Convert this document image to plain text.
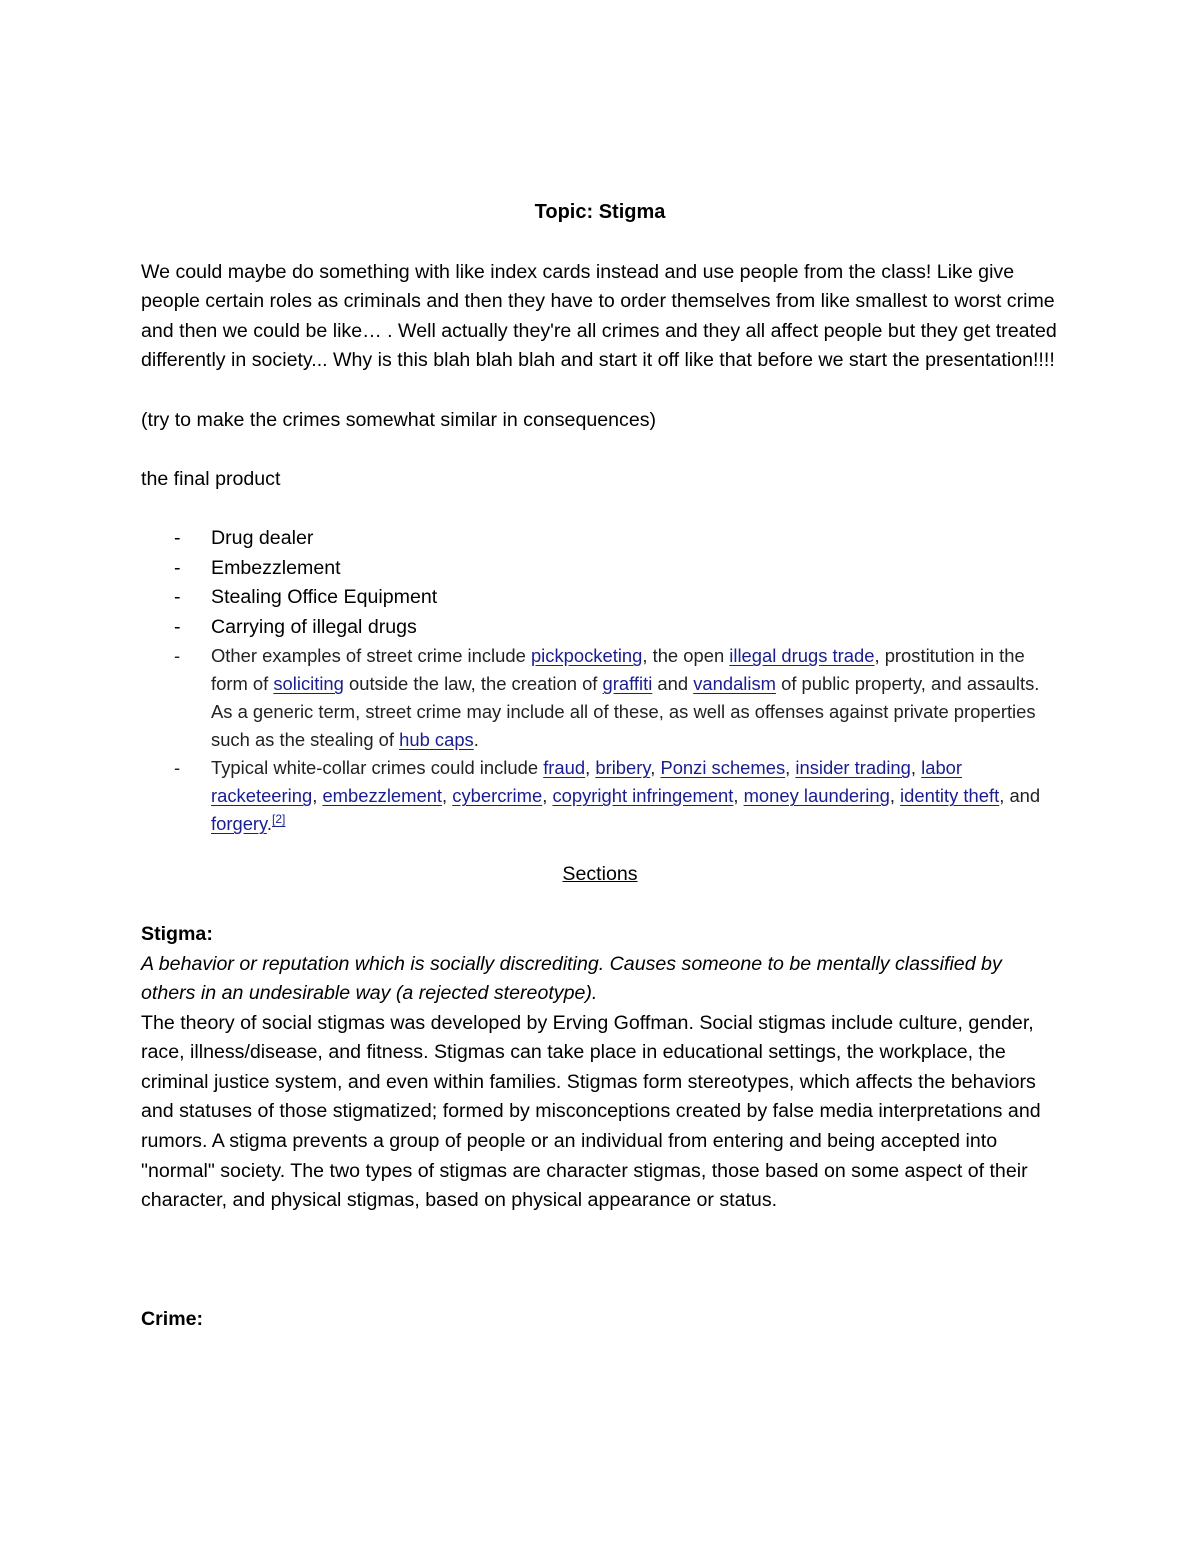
Topic: Stigma

We could maybe do something with like index cards instead and use people from the class! Like give people certain roles as criminals and then they have to order themselves from like smallest to worst crime and then we could be like… . Well actually they're all crimes and they all affect people but they get treated differently in society... Why is this blah blah blah and start it off like that before we start the presentation!!!!

(try to make the crimes somewhat similar in consequences)

the final product

- Drug dealer
- Embezzlement
- Stealing Office Equipment
- Carrying of illegal drugs
- Other examples of street crime include pickpocketing, the open illegal drugs trade, prostitution in the form of soliciting outside the law, the creation of graffiti and vandalism of public property, and assaults. As a generic term, street crime may include all of these, as well as offenses against private properties such as the stealing of hub caps.
- Typical white-collar crimes could include fraud, bribery, Ponzi schemes, insider trading, labor racketeering, embezzlement, cybercrime, copyright infringement, money laundering, identity theft, and forgery.[2]
Sections

Stigma:

A behavior or reputation which is socially discrediting. Causes someone to be mentally classified by others in an undesirable way (a rejected stereotype).

The theory of social stigmas was developed by Erving Goffman. Social stigmas include culture, gender, race, illness/disease, and fitness. Stigmas can take place in educational settings, the workplace, the criminal justice system, and even within families. Stigmas form stereotypes, which affects the behaviors and statuses of those stigmatized; formed by misconceptions created by false media interpretations and rumors. A stigma prevents a group of people or an individual from entering and being accepted into "normal" society. The two types of stigmas are character stigmas, those based on some aspect of their character, and physical stigmas, based on physical appearance or status.

Crime:
